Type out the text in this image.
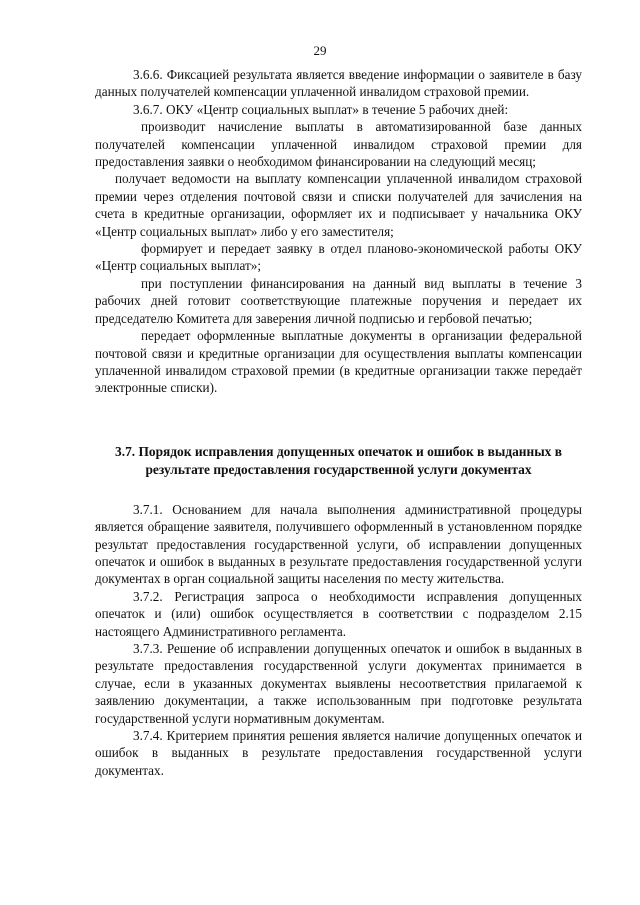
29

3.6.6. Фиксацией результата является введение информации о заявителе в базу данных получателей компенсации уплаченной инвалидом страховой премии.

3.6.7. ОКУ «Центр социальных выплат» в течение 5 рабочих дней:

производит начисление выплаты в автоматизированной базе данных получателей компенсации уплаченной инвалидом страховой премии для предоставления заявки о необходимом финансировании на следующий месяц;

получает ведомости на выплату компенсации уплаченной инвалидом страховой премии через отделения почтовой связи и списки получателей для зачисления на счета в кредитные организации, оформляет их и подписывает у начальника ОКУ «Центр социальных выплат» либо у его заместителя;

формирует и передает заявку в отдел планово-экономической работы ОКУ «Центр социальных выплат»;

при поступлении финансирования на данный вид выплаты в течение 3 рабочих дней готовит соответствующие платежные поручения и передает их председателю Комитета для заверения личной подписью и гербовой печатью;

передает оформленные выплатные документы в организации федеральной почтовой связи и кредитные организации для осуществления выплаты компенсации уплаченной инвалидом страховой премии (в кредитные организации также передаёт электронные списки).

3.7. Порядок исправления допущенных опечаток и ошибок в выданных в результате предоставления государственной услуги документах

3.7.1. Основанием для начала выполнения административной процедуры является обращение заявителя, получившего оформленный в установленном порядке результат предоставления государственной услуги, об исправлении допущенных опечаток и ошибок в выданных в результате предоставления государственной услуги документах в орган социальной защиты населения по месту жительства.

3.7.2. Регистрация запроса о необходимости исправления допущенных опечаток и (или) ошибок осуществляется в соответствии с подразделом 2.15 настоящего Административного регламента.

3.7.3. Решение об исправлении допущенных опечаток и ошибок в выданных в результате предоставления государственной услуги документах принимается в случае, если в указанных документах выявлены несоответствия прилагаемой к заявлению документации, а также использованным при подготовке результата государственной услуги нормативным документам.

3.7.4. Критерием принятия решения является наличие допущенных опечаток и ошибок в выданных в результате предоставления государственной услуги документах.
